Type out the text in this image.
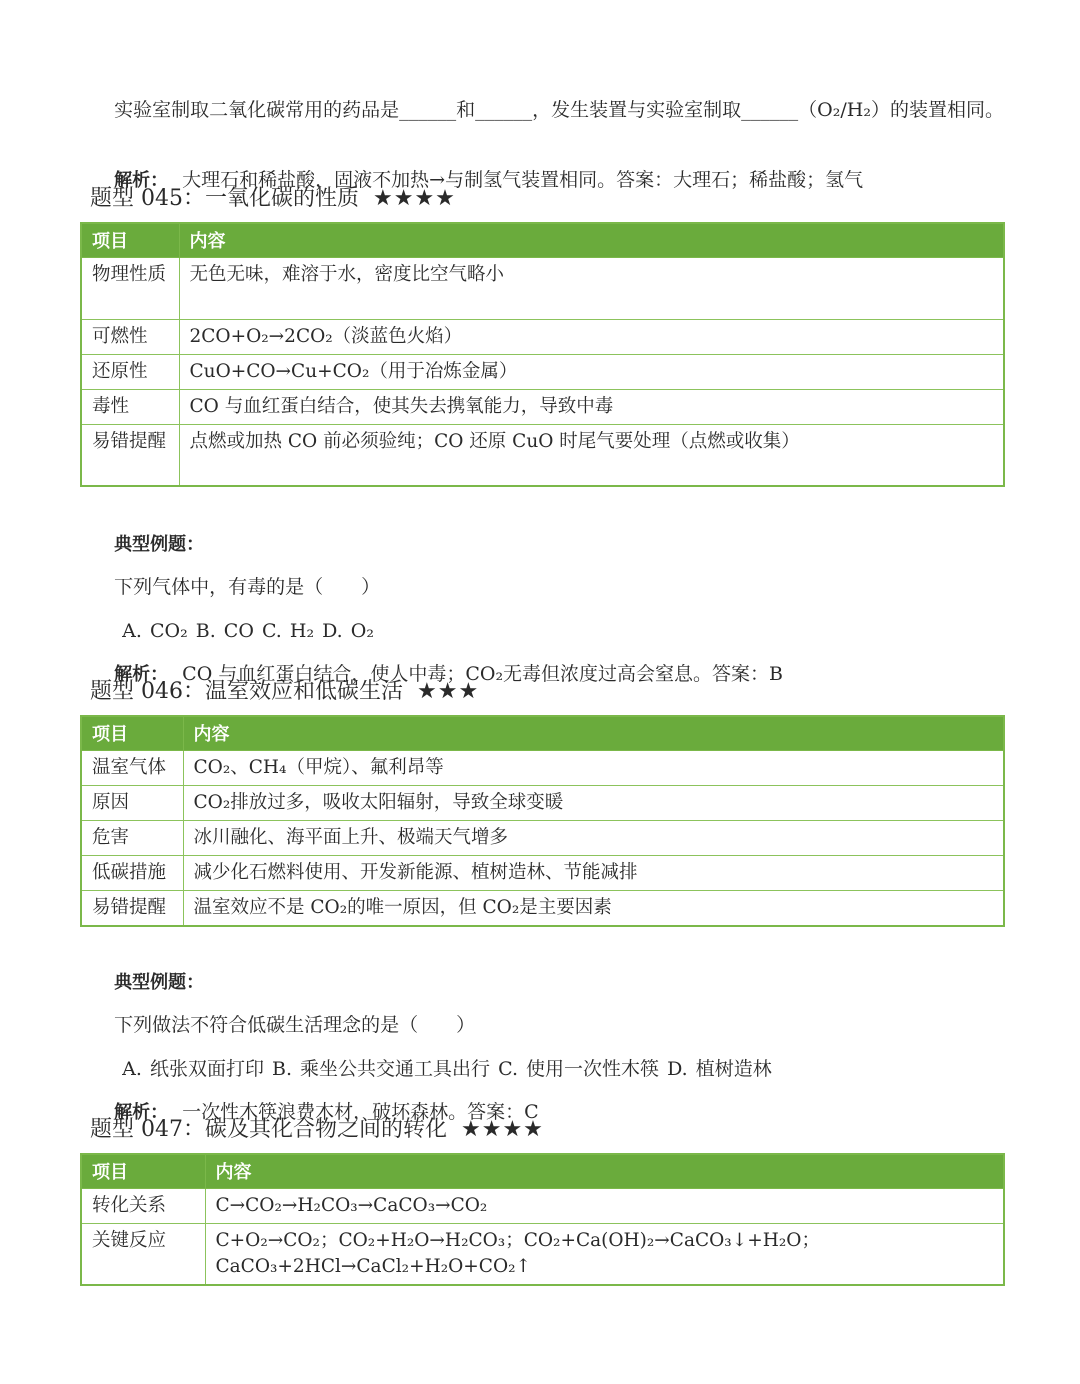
实验室制取二氧化碳常用的药品是______和______，发生装置与实验室制取______（O₂/H₂）的装置相同。

解析： 大理石和稀盐酸，固液不加热→与制氢气装置相同。答案：大理石；稀盐酸；氢气

题型 045：一氧化碳的性质 ★★★★
项目	内容
物理性质	无色无味，难溶于水，密度比空气略小
可燃性	2CO+O₂→2CO₂（淡蓝色火焰）
还原性	CuO+CO→Cu+CO₂（用于冶炼金属）
毒性	CO 与血红蛋白结合，使其失去携氧能力，导致中毒
易错提醒	点燃或加热 CO 前必须验纯；CO 还原 CuO 时尾气要处理（点燃或收集）

典型例题：

下列气体中，有毒的是（　　）

A. CO₂ B. CO C. H₂ D. O₂

解析： CO 与血红蛋白结合，使人中毒；CO₂无毒但浓度过高会窒息。答案：B

题型 046：温室效应和低碳生活 ★★★
项目	内容
温室气体	CO₂、CH₄（甲烷）、氟利昂等
原因	CO₂排放过多，吸收太阳辐射，导致全球变暖
危害	冰川融化、海平面上升、极端天气增多
低碳措施	减少化石燃料使用、开发新能源、植树造林、节能减排
易错提醒	温室效应不是 CO₂的唯一原因，但 CO₂是主要因素

典型例题：

下列做法不符合低碳生活理念的是（　　）

A. 纸张双面打印 B. 乘坐公共交通工具出行 C. 使用一次性木筷 D. 植树造林

解析： 一次性木筷浪费木材，破坏森林。答案：C

题型 047：碳及其化合物之间的转化 ★★★★
项目	内容
转化关系	C→CO₂→H₂CO₃→CaCO₃→CO₂
关键反应	C+O₂→CO₂；CO₂+H₂O→H₂CO₃；CO₂+Ca(OH)₂→CaCO₃↓+H₂O；CaCO₃+2HCl→CaCl₂+H₂O+CO₂↑
